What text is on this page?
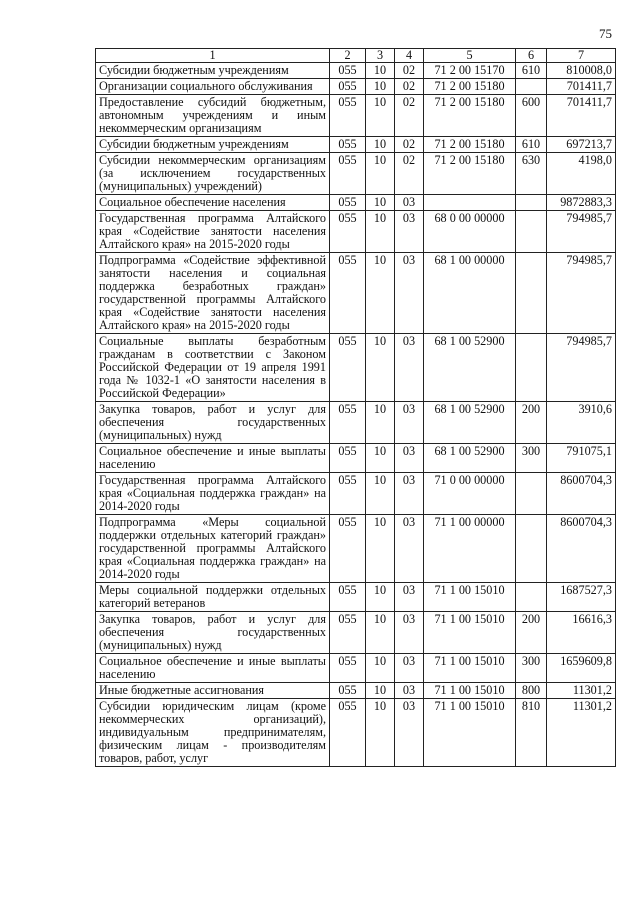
75
1	2	3	4	5	6	7
Субсидии бюджетным учреждениям	055	10	02	71 2 00 15170	610	810008,0
Организации социального обслуживания	055	10	02	71 2 00 15180		701411,7
Предоставление субсидий бюджетным, автономным учреждениям и иным некоммерческим организациям	055	10	02	71 2 00 15180	600	701411,7
Субсидии бюджетным учреждениям	055	10	02	71 2 00 15180	610	697213,7
Субсидии некоммерческим организациям (за исключением государственных (муниципальных) учреждений)	055	10	02	71 2 00 15180	630	4198,0
Социальное обеспечение населения	055	10	03			9872883,3
Государственная программа Алтайского края «Содействие занятости населения Алтайского края» на 2015-2020 годы	055	10	03	68 0 00 00000		794985,7
Подпрограмма «Содействие эффективной занятости населения и социальная поддержка безработных граждан» государственной программы Алтайского края «Содействие занятости населения Алтайского края» на 2015-2020 годы	055	10	03	68 1 00 00000		794985,7
Социальные выплаты безработным гражданам в соответствии с Законом Российской Федерации от 19 апреля 1991 года № 1032-1 «О занятости населения в Российской Федерации»	055	10	03	68 1 00 52900		794985,7
Закупка товаров, работ и услуг для обеспечения государственных (муниципальных) нужд	055	10	03	68 1 00 52900	200	3910,6
Социальное обеспечение и иные выплаты населению	055	10	03	68 1 00 52900	300	791075,1
Государственная программа Алтайского края «Социальная поддержка граждан» на 2014-2020 годы	055	10	03	71 0 00 00000		8600704,3
Подпрограмма «Меры социальной поддержки отдельных категорий граждан» государственной программы Алтайского края «Социальная поддержка граждан» на 2014-2020 годы	055	10	03	71 1 00 00000		8600704,3
Меры социальной поддержки отдельных категорий ветеранов	055	10	03	71 1 00 15010		1687527,3
Закупка товаров, работ и услуг для обеспечения государственных (муниципальных) нужд	055	10	03	71 1 00 15010	200	16616,3
Социальное обеспечение и иные выплаты населению	055	10	03	71 1 00 15010	300	1659609,8
Иные бюджетные ассигнования	055	10	03	71 1 00 15010	800	11301,2
Субсидии юридическим лицам (кроме некоммерческих организаций), индивидуальным предпринимателям, физическим лицам - производителям товаров, работ, услуг	055	10	03	71 1 00 15010	810	11301,2
